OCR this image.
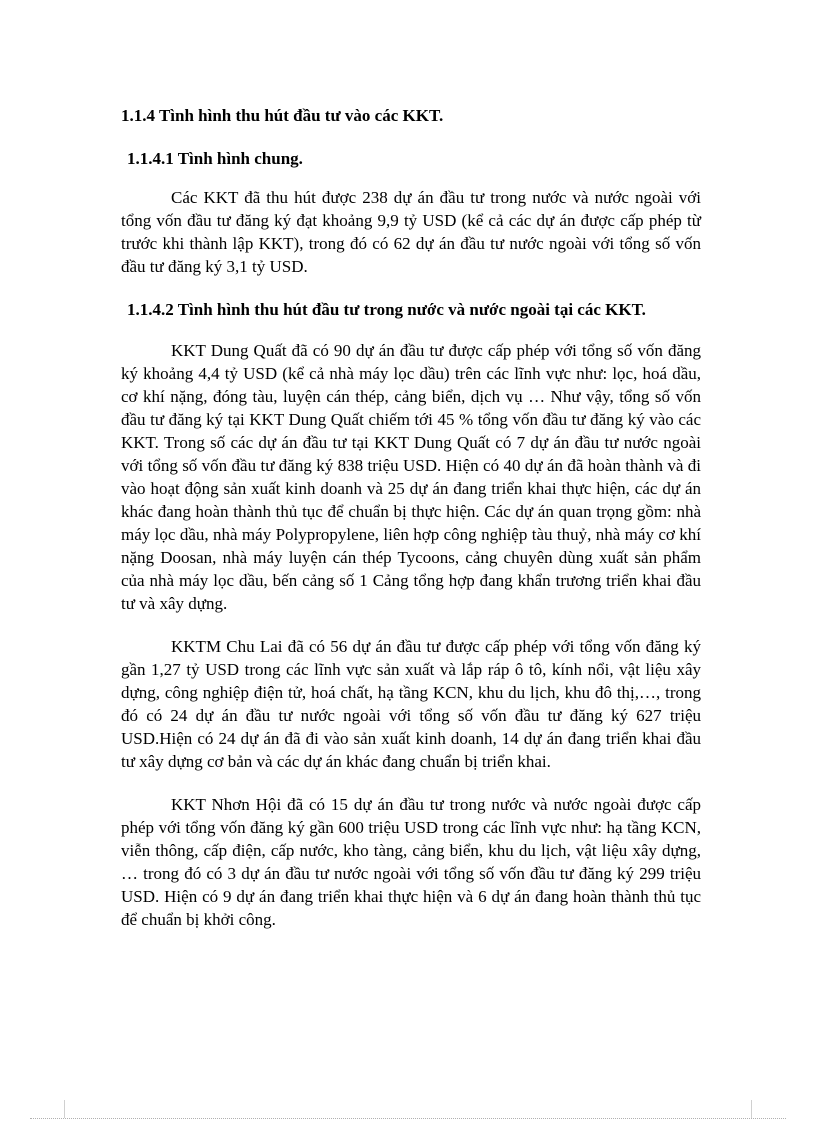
1.1.4 Tình hình thu hút đầu tư vào các KKT.

1.1.4.1 Tình hình chung.

Các KKT đã thu hút được 238 dự án đầu tư trong nước và nước ngoài với tổng vốn đầu tư đăng ký đạt khoảng 9,9 tỷ USD (kể cả các dự án được cấp phép từ trước khi thành lập KKT), trong đó có 62 dự án đầu tư nước ngoài với tổng số vốn đầu tư đăng ký 3,1 tỷ USD.

1.1.4.2 Tình hình thu hút đầu tư trong nước và nước ngoài tại các KKT.

KKT Dung Quất đã có 90 dự án đầu tư được cấp phép với tổng số vốn đăng ký khoảng 4,4 tỷ USD (kể cả nhà máy lọc dầu) trên các lĩnh vực như: lọc, hoá dầu, cơ khí nặng, đóng tàu, luyện cán thép, cảng biển, dịch vụ … Như vậy, tổng số vốn đầu tư đăng ký tại KKT Dung Quất chiếm tới 45 % tổng vốn đầu tư đăng ký vào các KKT. Trong số các dự án đầu tư tại KKT Dung Quất có 7 dự án đầu tư nước ngoài với tổng số vốn đầu tư đăng ký 838 triệu USD. Hiện có 40 dự án đã hoàn thành và đi vào hoạt động sản xuất kinh doanh và 25 dự án đang triển khai thực hiện, các dự án khác đang hoàn thành thủ tục để chuẩn bị thực hiện. Các dự án quan trọng gồm: nhà máy lọc dầu, nhà máy Polypropylene, liên hợp công nghiệp tàu thuỷ, nhà máy cơ khí nặng Doosan, nhà máy luyện cán thép Tycoons, cảng chuyên dùng xuất sản phẩm của nhà máy lọc dầu, bến cảng số 1 Cảng tổng hợp đang khẩn trương triển khai đầu tư và xây dựng.

KKTM Chu Lai đã có 56 dự án đầu tư được cấp phép với tổng vốn đăng ký gần 1,27 tỷ USD trong các lĩnh vực sản xuất và lắp ráp ô tô, kính nổi, vật liệu xây dựng, công nghiệp điện tử, hoá chất, hạ tầng KCN, khu du lịch, khu đô thị,…, trong đó có 24 dự án đầu tư nước ngoài với tổng số vốn đầu tư đăng ký 627 triệu USD.Hiện có 24 dự án đã đi vào sản xuất kinh doanh, 14 dự án đang triển khai đầu tư xây dựng cơ bản và các dự án khác đang chuẩn bị triển khai.

KKT Nhơn Hội đã có 15 dự án đầu tư trong nước và nước ngoài được cấp phép với tổng vốn đăng ký gần 600 triệu USD trong các lĩnh vực như: hạ tầng KCN, viễn thông, cấp điện, cấp nước, kho tàng, cảng biển, khu du lịch, vật liệu xây dựng, … trong đó có 3 dự án đầu tư nước ngoài với tổng số vốn đầu tư đăng ký 299 triệu USD. Hiện có 9 dự án đang triển khai thực hiện và 6 dự án đang hoàn thành thủ tục để chuẩn bị khởi công.
